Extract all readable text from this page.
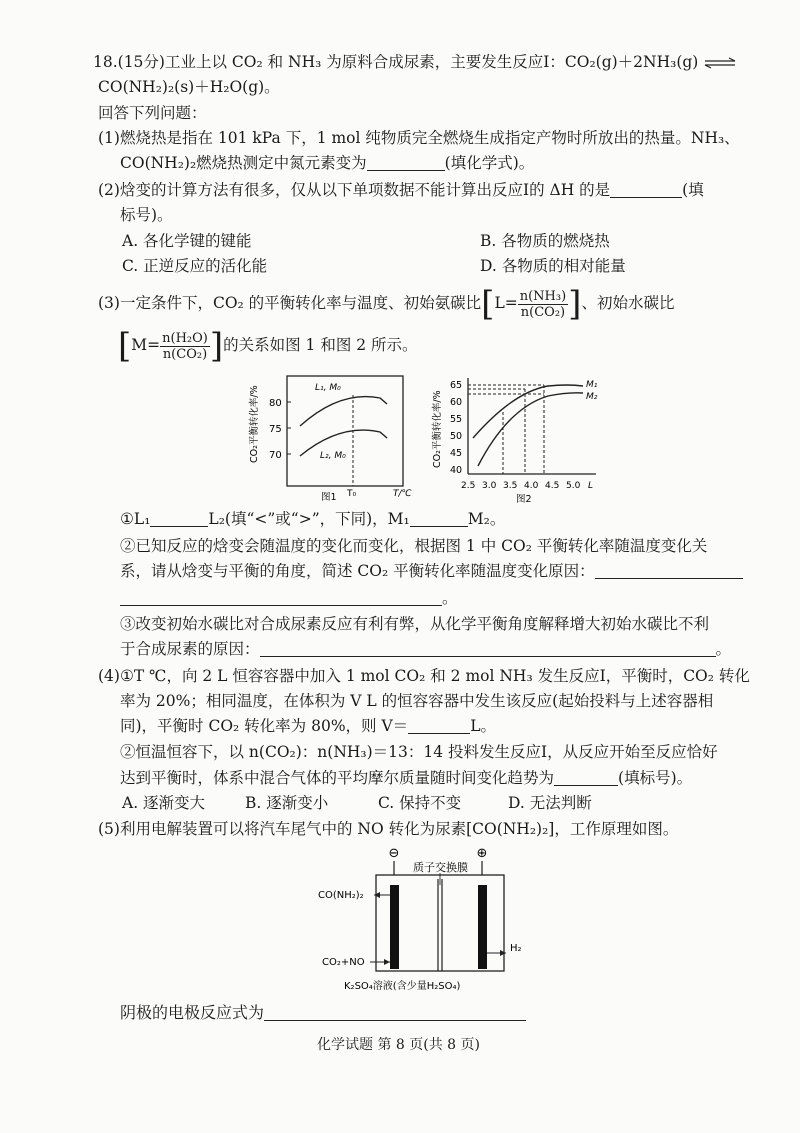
18.(15分)工业上以 CO₂ 和 NH₃ 为原料合成尿素，主要发生反应Ⅰ：CO₂(g)＋2NH₃(g) ⇌
CO(NH₂)₂(s)＋H₂O(g)。
回答下列问题：
(1)燃烧热是指在 101 kPa 下，1 mol 纯物质完全燃烧生成指定产物时所放出的热量。NH₃、
CO(NH₂)₂燃烧热测定中氮元素变为	(填化学式)。
(2)焓变的计算方法有很多，仅从以下单项数据不能计算出反应Ⅰ的 ΔH 的是	(填
标号)。
A. 各化学键的键能	B. 各物质的燃烧热
C. 正逆反应的活化能	D. 各物质的相对能量
(3)一定条件下，CO₂ 的平衡转化率与温度、初始氨碳比[$L= \frac{\text{n(NH₃)}}{\text{n(CO₂)}}$ ]、初始水碳比
[$M= \frac{\text{n(H₂O)}}{\text{n(CO₂)}}$ ]的关系如图 1 和图 2 所示。
CO₂平衡转化率/% 80
75
70
L₁, M₀
L₂, M₀
T₀	T/℃
图1
CO₂平衡转化率/%
65
60
55
50
45
40
M₁
M₂
2.5 3.0 3.5 4.0 4.5 5.0 L
图2
①L₁	L₂(填“<”或“>”，下同)，M₁	M₂。
②已知反应的焓变会随温度的变化而变化，根据图 1 中 CO₂ 平衡转化率随温度变化关
系，请从焓变与平衡的角度，简述 CO₂ 平衡转化率随温度变化原因：
。
③改变初始水碳比对合成尿素反应有利有弊，从化学平衡角度解释增大初始水碳比不利
于合成尿素的原因：	。
(4)①T ℃，向 2 L 恒容容器中加入 1 mol CO₂ 和 2 mol NH₃ 发生反应Ⅰ，平衡时，CO₂ 转化
率为 20%；相同温度，在体积为 V L 的恒容容器中发生该反应(起始投料与上述容器相
同)，平衡时 CO₂ 转化率为 80%，则 V＝	L。
②恒温恒容下，以 n(CO₂)：n(NH₃)＝13：14 投料发生反应Ⅰ，从反应开始至反应恰好
达到平衡时，体系中混合气体的平均摩尔质量随时间变化趋势为	(填标号)。
A. 逐渐变大	B. 逐渐变小	C. 保持不变	D. 无法判断
(5)利用电解装置可以将汽车尾气中的 NO 转化为尿素[CO(NH₂)₂]，工作原理如图。
⊖	⊕
质子交换膜
CO(NH₂)₂
CO₂+NO
H₂
K₂SO₄溶液(含少量H₂SO₄)
阴极的电极反应式为
化学试题 第 8 页(共 8 页)
